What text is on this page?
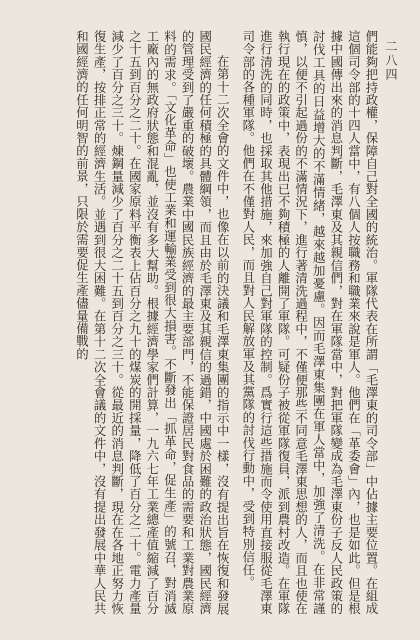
二八四

們能夠把持政權，保障自己對全國的統治。軍隊代表在所謂「毛澤東的司令部」中佔據主要位置。在組成這個司令部的十四人當中，有八個人按職務和職業來說是軍人。他們在「革委會」內，也是如此。但是根據中國傳出來的消息判斷，毛澤東及其親信們，對在軍隊當中，對把軍隊變成為毛澤東份子反人民政策的討伐工具的日益增大的不滿情緒，越來越加憂慮。因而毛澤東集團在軍人當中，加強了清洗。在非常謹慎，以便不引起過份的不滿情況下，進行著清洗過程中，不僅便那些不同意毛澤東思想的人，而且也使在執行現在的政策中，表現出已不夠積極的人離開了軍隊。可疑份子被從軍隊復員，派到農村改造。在軍隊進行清洗的同時，也採取其他措施，來加強自己對軍隊的控制。爲實行這些措施而令使用直接服從毛澤東司令部的各種軍隊。他們在不僅對人民，而且對人民解放軍及其黨隊的討伐行動中，受到特別信任。

在第十二次全會的文件中，也像在以前的決議和毛澤東集團的指示中一樣，沒有提出旨在恢復和發展國民經濟的任何積極的具體綱領，而且由於毛澤東及其親信的過錯，中國處於困難的政治狀態，國民經濟的管理受到了嚴重的破壞。農業中國民族經濟的最主要部門，不能保證居民對食品的需要和工業對農業原料的需求。「文化革命」也使工業和運輸業受到很大損害。不斷發出「抓革命，促生產」的號召，對消滅工廠內的無政府狀態和混亂，並沒有多大幫助。根據經濟學家們計算，一九六七年工業總產值縮減了百分之十五到百分之二十。在國家原料平衡表上佔百分之九十的煤炭的開採量，降低了百分之二十。電力產量減少了百分之三十。煉鋼量減少了百分之二十五到百分之三十。從最近的消息判斷，現在在各地正努力恢復生產，按排正常的經濟生活。並遇到很大困難。在第十二次全會議的文件中，沒有提出發展中華人民共和國經濟的任何明智的前景，只限於需要促生產儘量備戰的
